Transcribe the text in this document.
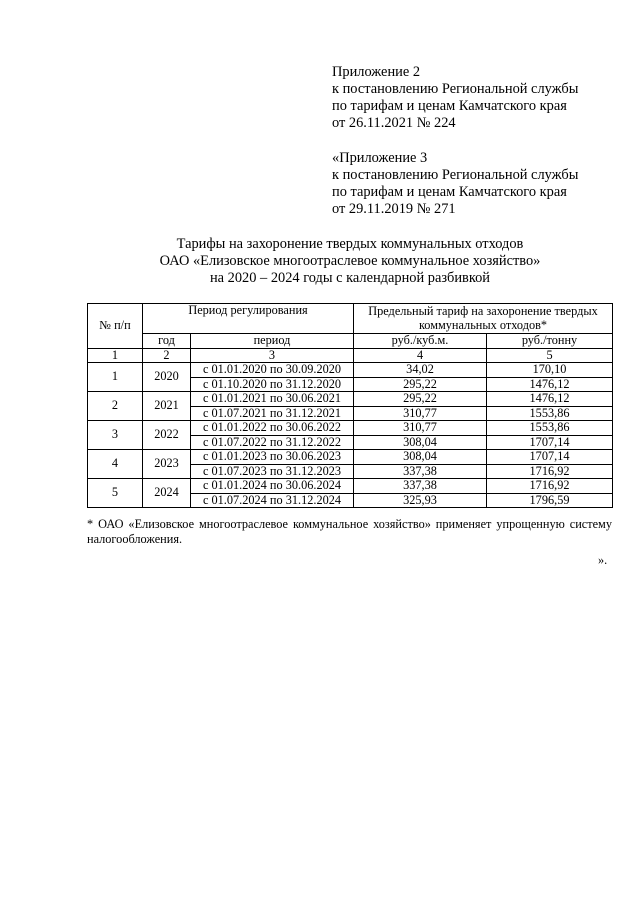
Приложение 2
к постановлению Региональной службы
по тарифам и ценам Камчатского края
от 26.11.2021 № 224
«Приложение 3
к постановлению Региональной службы
по тарифам и ценам Камчатского края
от 29.11.2019 № 271
Тарифы на захоронение твердых коммунальных отходов
ОАО «Елизовское многоотраслевое коммунальное хозяйство»
на 2020 – 2024 годы с календарной разбивкой
№ п/п	Период регулирования		Предельный тариф на захоронение твердых коммунальных отходов*	
	год	период	руб./куб.м.	руб./тонну
1	2	3	4	5
1	2020	с 01.01.2020 по 30.09.2020	34,02	170,10
		с 01.10.2020 по 31.12.2020	295,22	1476,12
2	2021	с 01.01.2021 по 30.06.2021	295,22	1476,12
		с 01.07.2021 по 31.12.2021	310,77	1553,86
3	2022	с 01.01.2022 по 30.06.2022	310,77	1553,86
		с 01.07.2022 по 31.12.2022	308,04	1707,14
4	2023	с 01.01.2023 по 30.06.2023	308,04	1707,14
		с 01.07.2023 по 31.12.2023	337,38	1716,92
5	2024	с 01.01.2024 по 30.06.2024	337,38	1716,92
		с 01.07.2024 по 31.12.2024	325,93	1796,59
* ОАО «Елизовское многоотраслевое коммунальное хозяйство» применяет упрощенную систему налогообложения.
».
